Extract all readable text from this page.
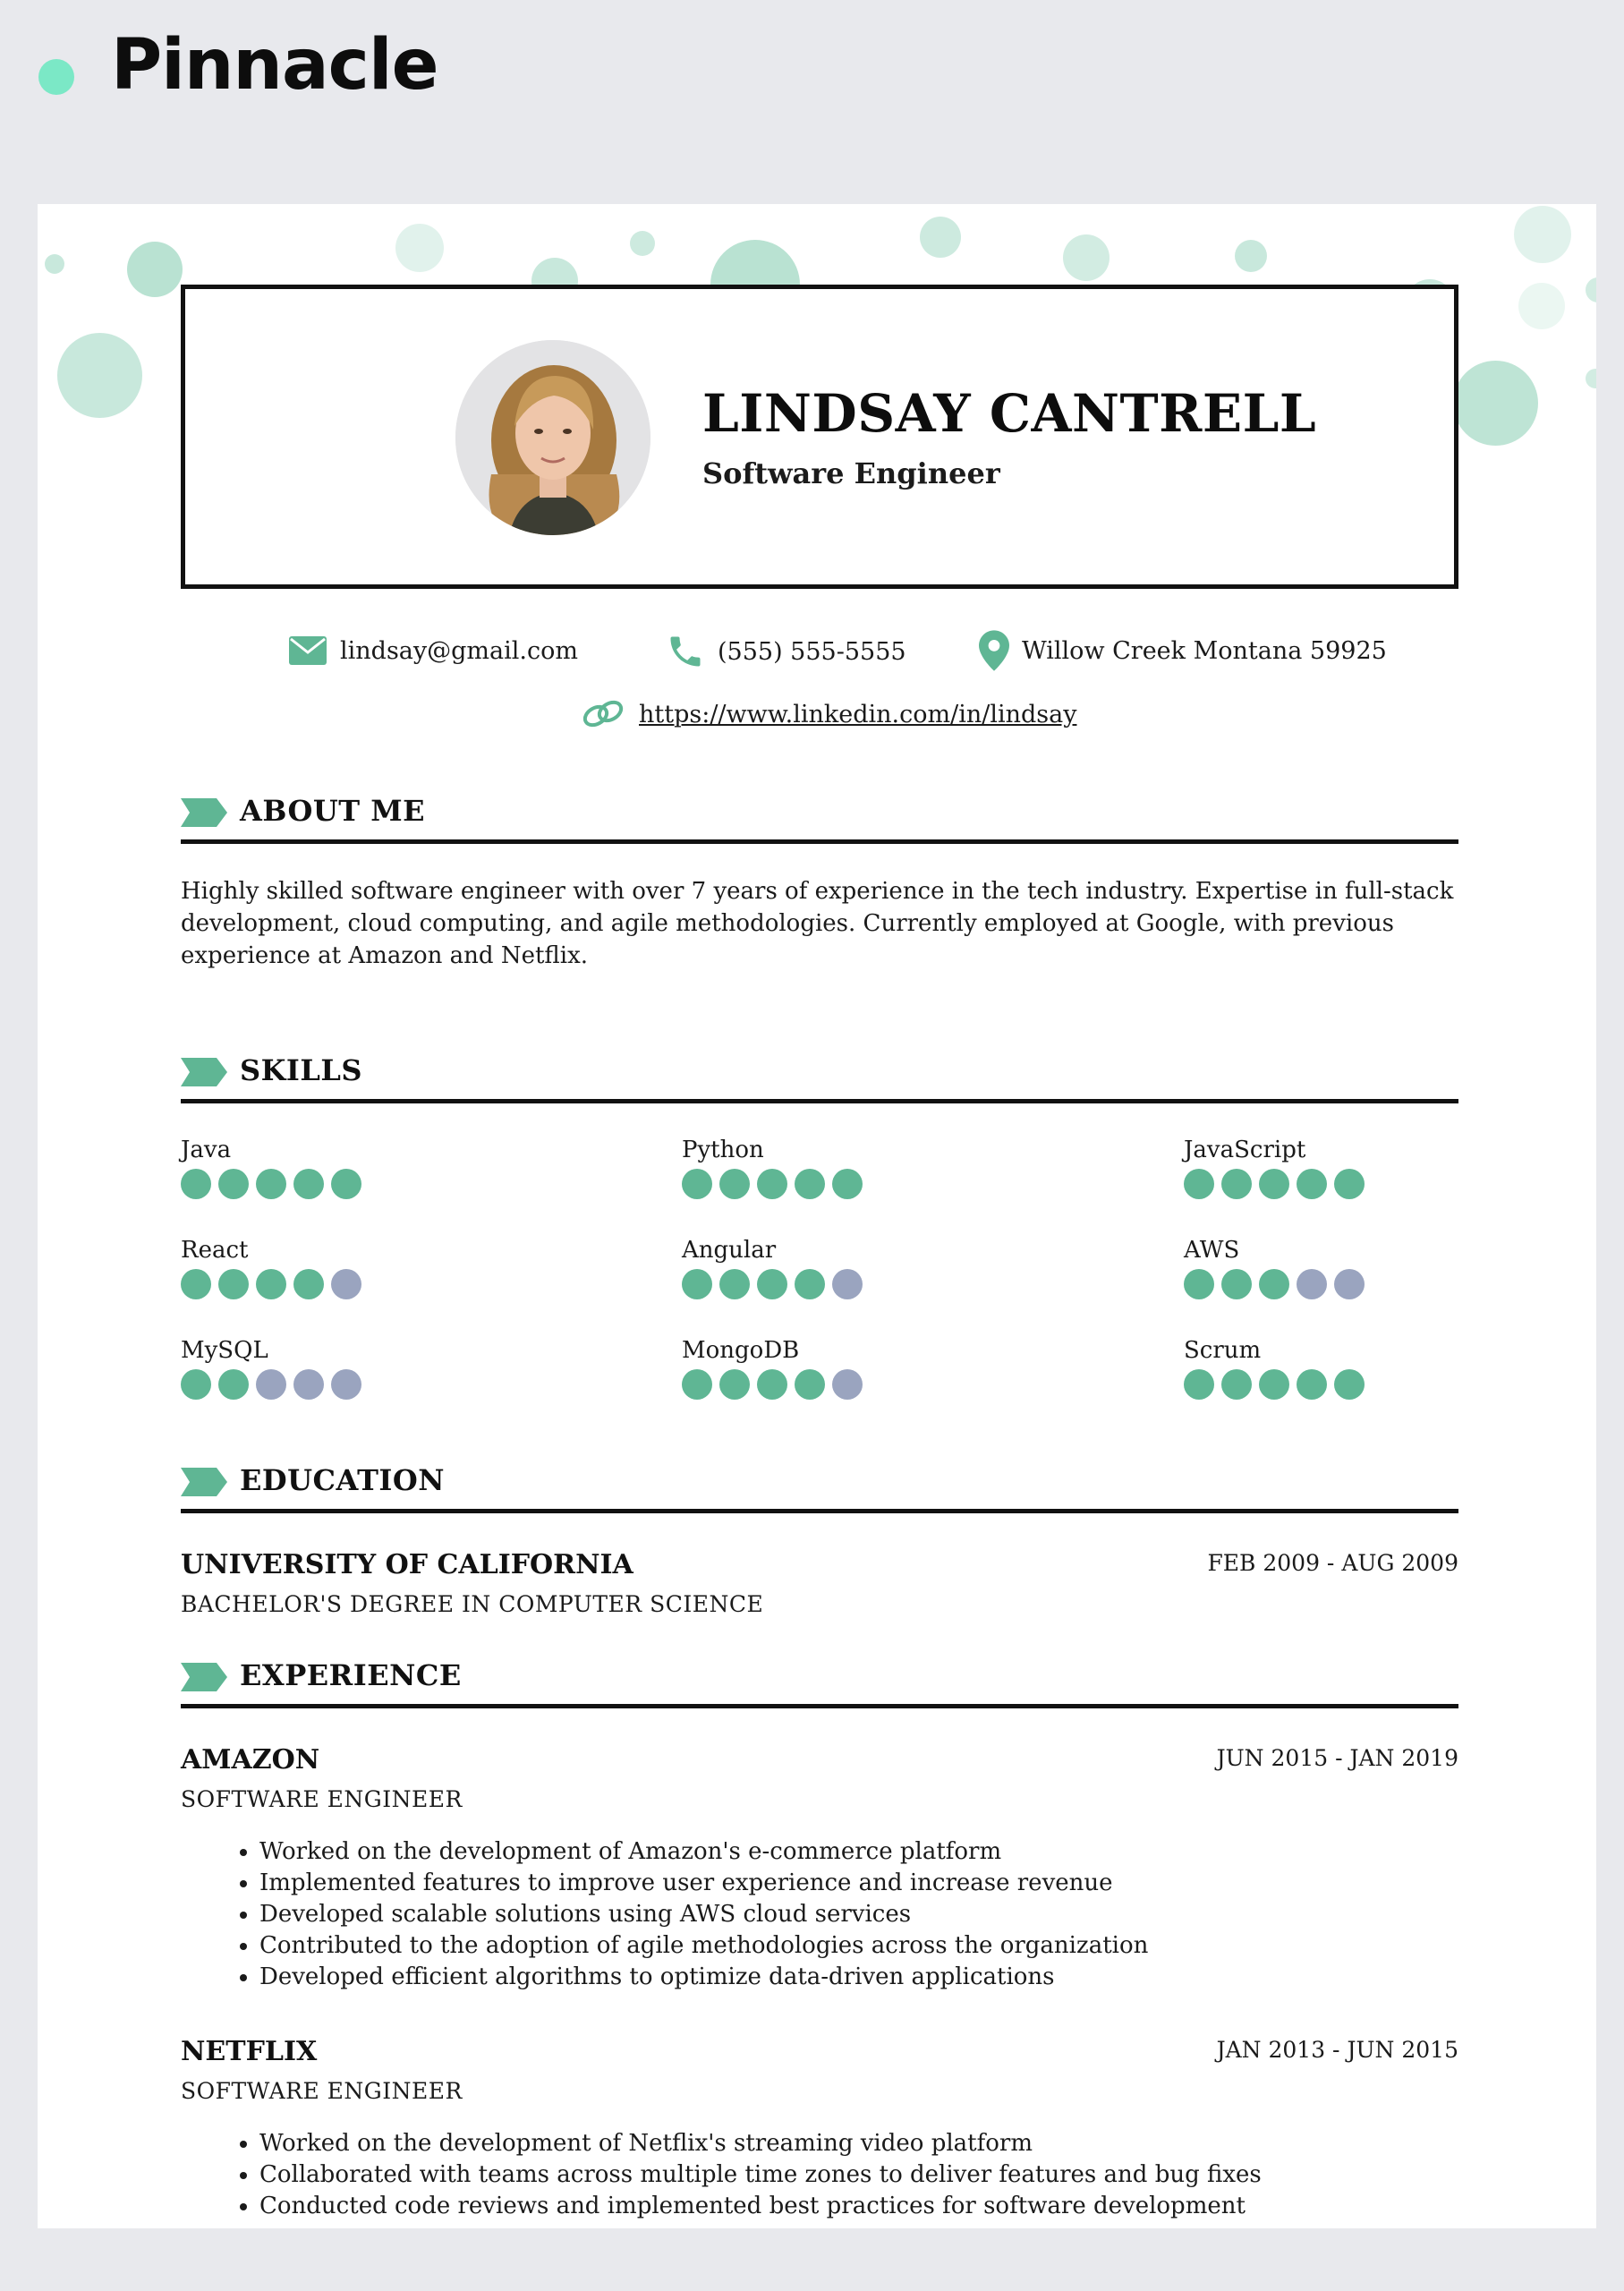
Pinnacle
LINDSAY CANTRELL
Software Engineer
lindsay@gmail.com	(555) 555-5555	Willow Creek Montana 59925
https://www.linkedin.com/in/lindsay
ABOUT ME
Highly skilled software engineer with over 7 years of experience in the tech industry. Expertise in full-stack development, cloud computing, and agile methodologies. Currently employed at Google, with previous experience at Amazon and Netflix.
SKILLS
Java	Python	JavaScript
React	Angular	AWS
MySQL	MongoDB	Scrum
EDUCATION
UNIVERSITY OF CALIFORNIA	FEB 2009 - AUG 2009
BACHELOR'S DEGREE IN COMPUTER SCIENCE
EXPERIENCE
AMAZON	JUN 2015 - JAN 2019
SOFTWARE ENGINEER
• Worked on the development of Amazon's e-commerce platform
• Implemented features to improve user experience and increase revenue
• Developed scalable solutions using AWS cloud services
• Contributed to the adoption of agile methodologies across the organization
• Developed efficient algorithms to optimize data-driven applications
NETFLIX	JAN 2013 - JUN 2015
SOFTWARE ENGINEER
• Worked on the development of Netflix's streaming video platform
• Collaborated with teams across multiple time zones to deliver features and bug fixes
• Conducted code reviews and implemented best practices for software development
